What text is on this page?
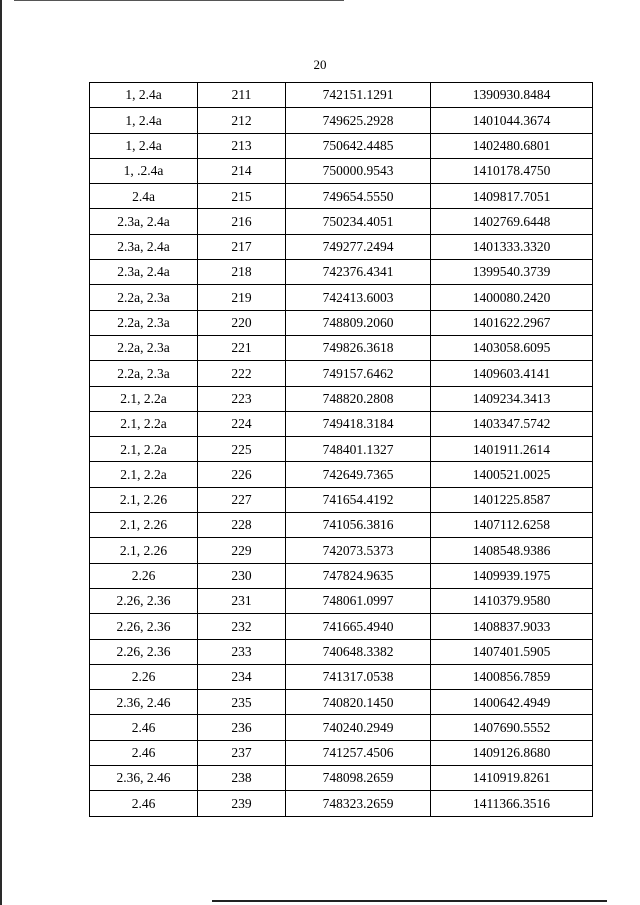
20
1, 2.4a	211	742151.1291	1390930.8484
1, 2.4a	212	749625.2928	1401044.3674
1, 2.4a	213	750642.4485	1402480.6801
1, .2.4a	214	750000.9543	1410178.4750
2.4a	215	749654.5550	1409817.7051
2.3a, 2.4a	216	750234.4051	1402769.6448
2.3a, 2.4a	217	749277.2494	1401333.3320
2.3a, 2.4a	218	742376.4341	1399540.3739
2.2a, 2.3a	219	742413.6003	1400080.2420
2.2a, 2.3a	220	748809.2060	1401622.2967
2.2a, 2.3a	221	749826.3618	1403058.6095
2.2a, 2.3a	222	749157.6462	1409603.4141
2.1, 2.2a	223	748820.2808	1409234.3413
2.1, 2.2a	224	749418.3184	1403347.5742
2.1, 2.2a	225	748401.1327	1401911.2614
2.1, 2.2a	226	742649.7365	1400521.0025
2.1, 2.26	227	741654.4192	1401225.8587
2.1, 2.26	228	741056.3816	1407112.6258
2.1, 2.26	229	742073.5373	1408548.9386
2.26	230	747824.9635	1409939.1975
2.26, 2.36	231	748061.0997	1410379.9580
2.26, 2.36	232	741665.4940	1408837.9033
2.26, 2.36	233	740648.3382	1407401.5905
2.26	234	741317.0538	1400856.7859
2.36, 2.46	235	740820.1450	1400642.4949
2.46	236	740240.2949	1407690.5552
2.46	237	741257.4506	1409126.8680
2.36, 2.46	238	748098.2659	1410919.8261
2.46	239	748323.2659	1411366.3516
